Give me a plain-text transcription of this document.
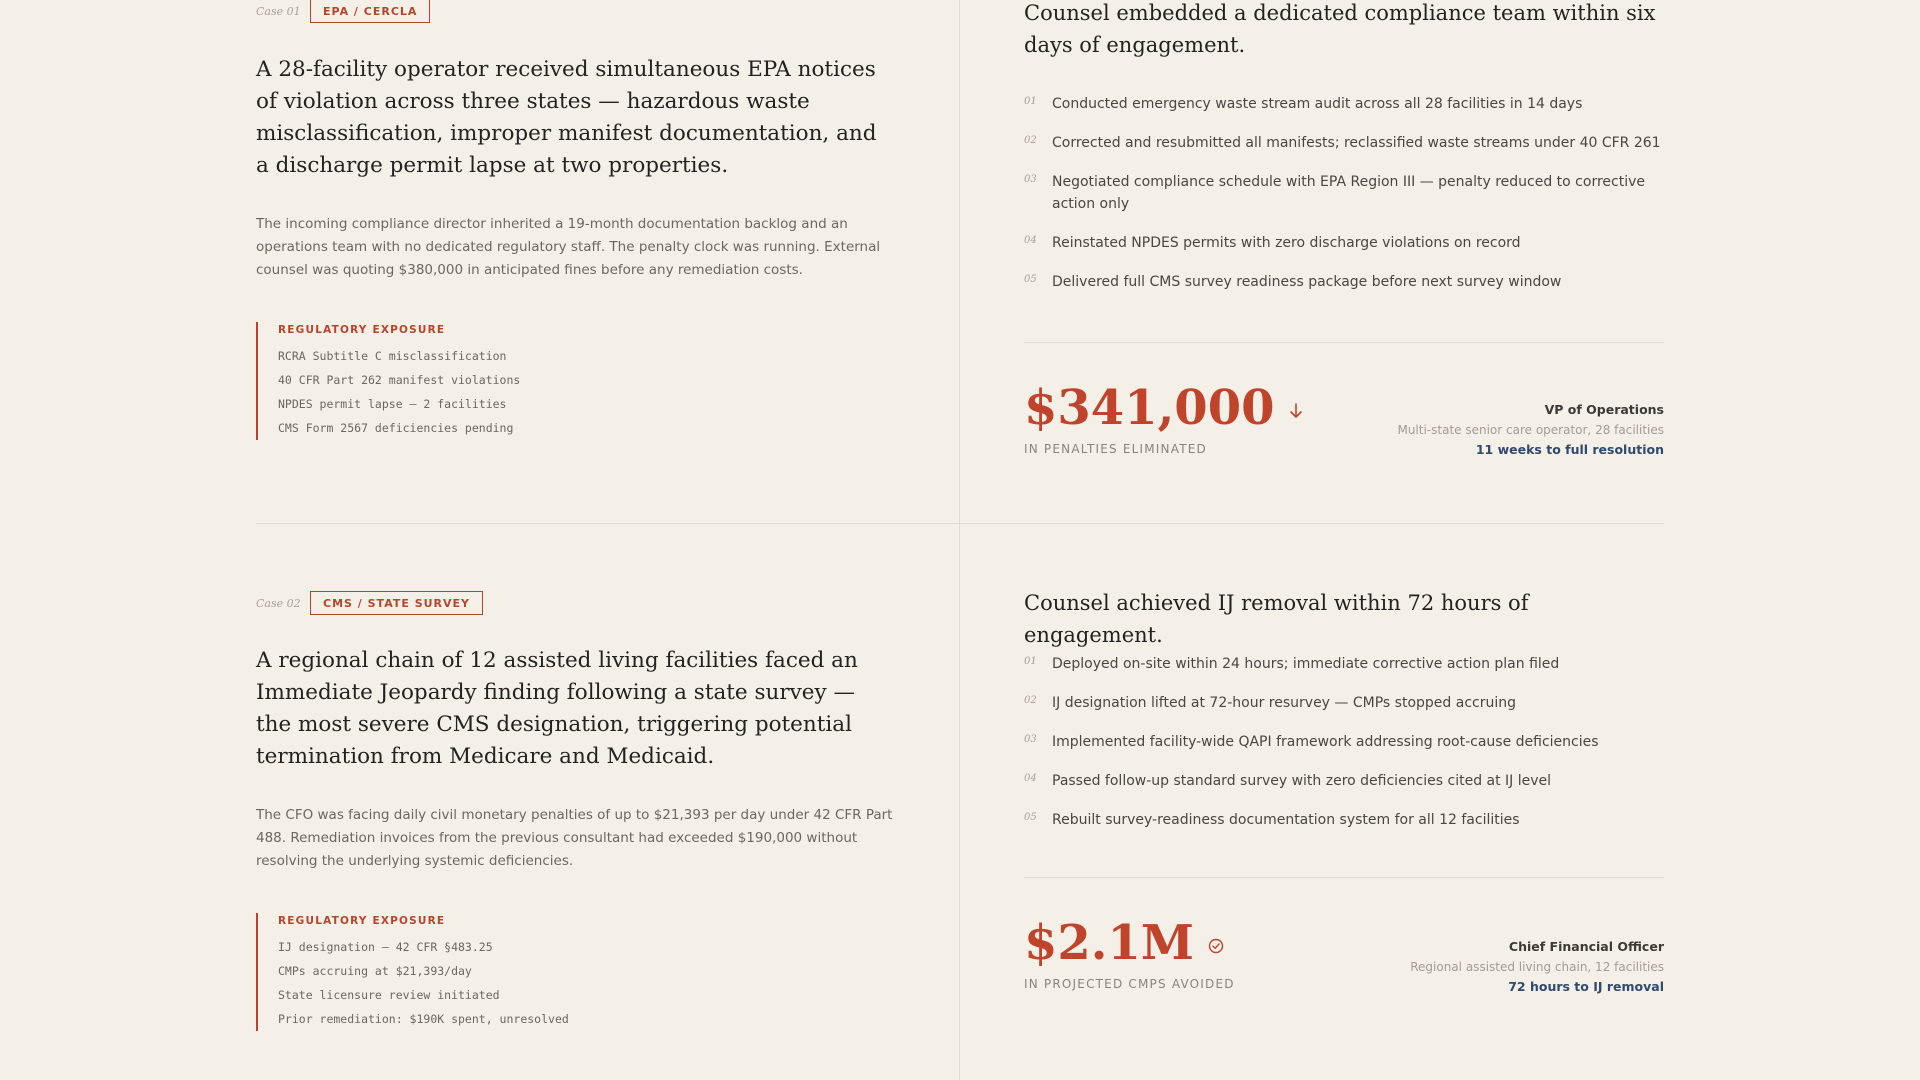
Case 01	EPA / CERCLA
A 28-facility operator received simultaneous EPA notices of violation across three states — hazardous waste misclassification, improper manifest documentation, and a discharge permit lapse at two properties.

The incoming compliance director inherited a 19-month documentation backlog and an operations team with no dedicated regulatory staff. The penalty clock was running. External counsel was quoting $380,000 in anticipated fines before any remediation costs.

REGULATORY EXPOSURE
RCRA Subtitle C misclassification
40 CFR Part 262 manifest violations
NPDES permit lapse — 2 facilities
CMS Form 2567 deficiencies pending
Counsel embedded a dedicated compliance team within six days of engagement.
01	Conducted emergency waste stream audit across all 28 facilities in 14 days
02	Corrected and resubmitted all manifests; reclassified waste streams under 40 CFR 261
03	Negotiated compliance schedule with EPA Region III — penalty reduced to corrective action only
04	Reinstated NPDES permits with zero discharge violations on record
05	Delivered full CMS survey readiness package before next survey window
$341,000
IN PENALTIES ELIMINATED
VP of Operations
Multi-state senior care operator, 28 facilities
11 weeks to full resolution
Case 02	CMS / STATE SURVEY
A regional chain of 12 assisted living facilities faced an Immediate Jeopardy finding following a state survey — the most severe CMS designation, triggering potential termination from Medicare and Medicaid.

The CFO was facing daily civil monetary penalties of up to $21,393 per day under 42 CFR Part 488. Remediation invoices from the previous consultant had exceeded $190,000 without resolving the underlying systemic deficiencies.

REGULATORY EXPOSURE
IJ designation — 42 CFR §483.25
CMPs accruing at $21,393/day
State licensure review initiated
Prior remediation: $190K spent, unresolved
Counsel achieved IJ removal within 72 hours of engagement.
01	Deployed on-site within 24 hours; immediate corrective action plan filed
02	IJ designation lifted at 72-hour resurvey — CMPs stopped accruing
03	Implemented facility-wide QAPI framework addressing root-cause deficiencies
04	Passed follow-up standard survey with zero deficiencies cited at IJ level
05	Rebuilt survey-readiness documentation system for all 12 facilities
$2.1M
IN PROJECTED CMPS AVOIDED
Chief Financial Officer
Regional assisted living chain, 12 facilities
72 hours to IJ removal
